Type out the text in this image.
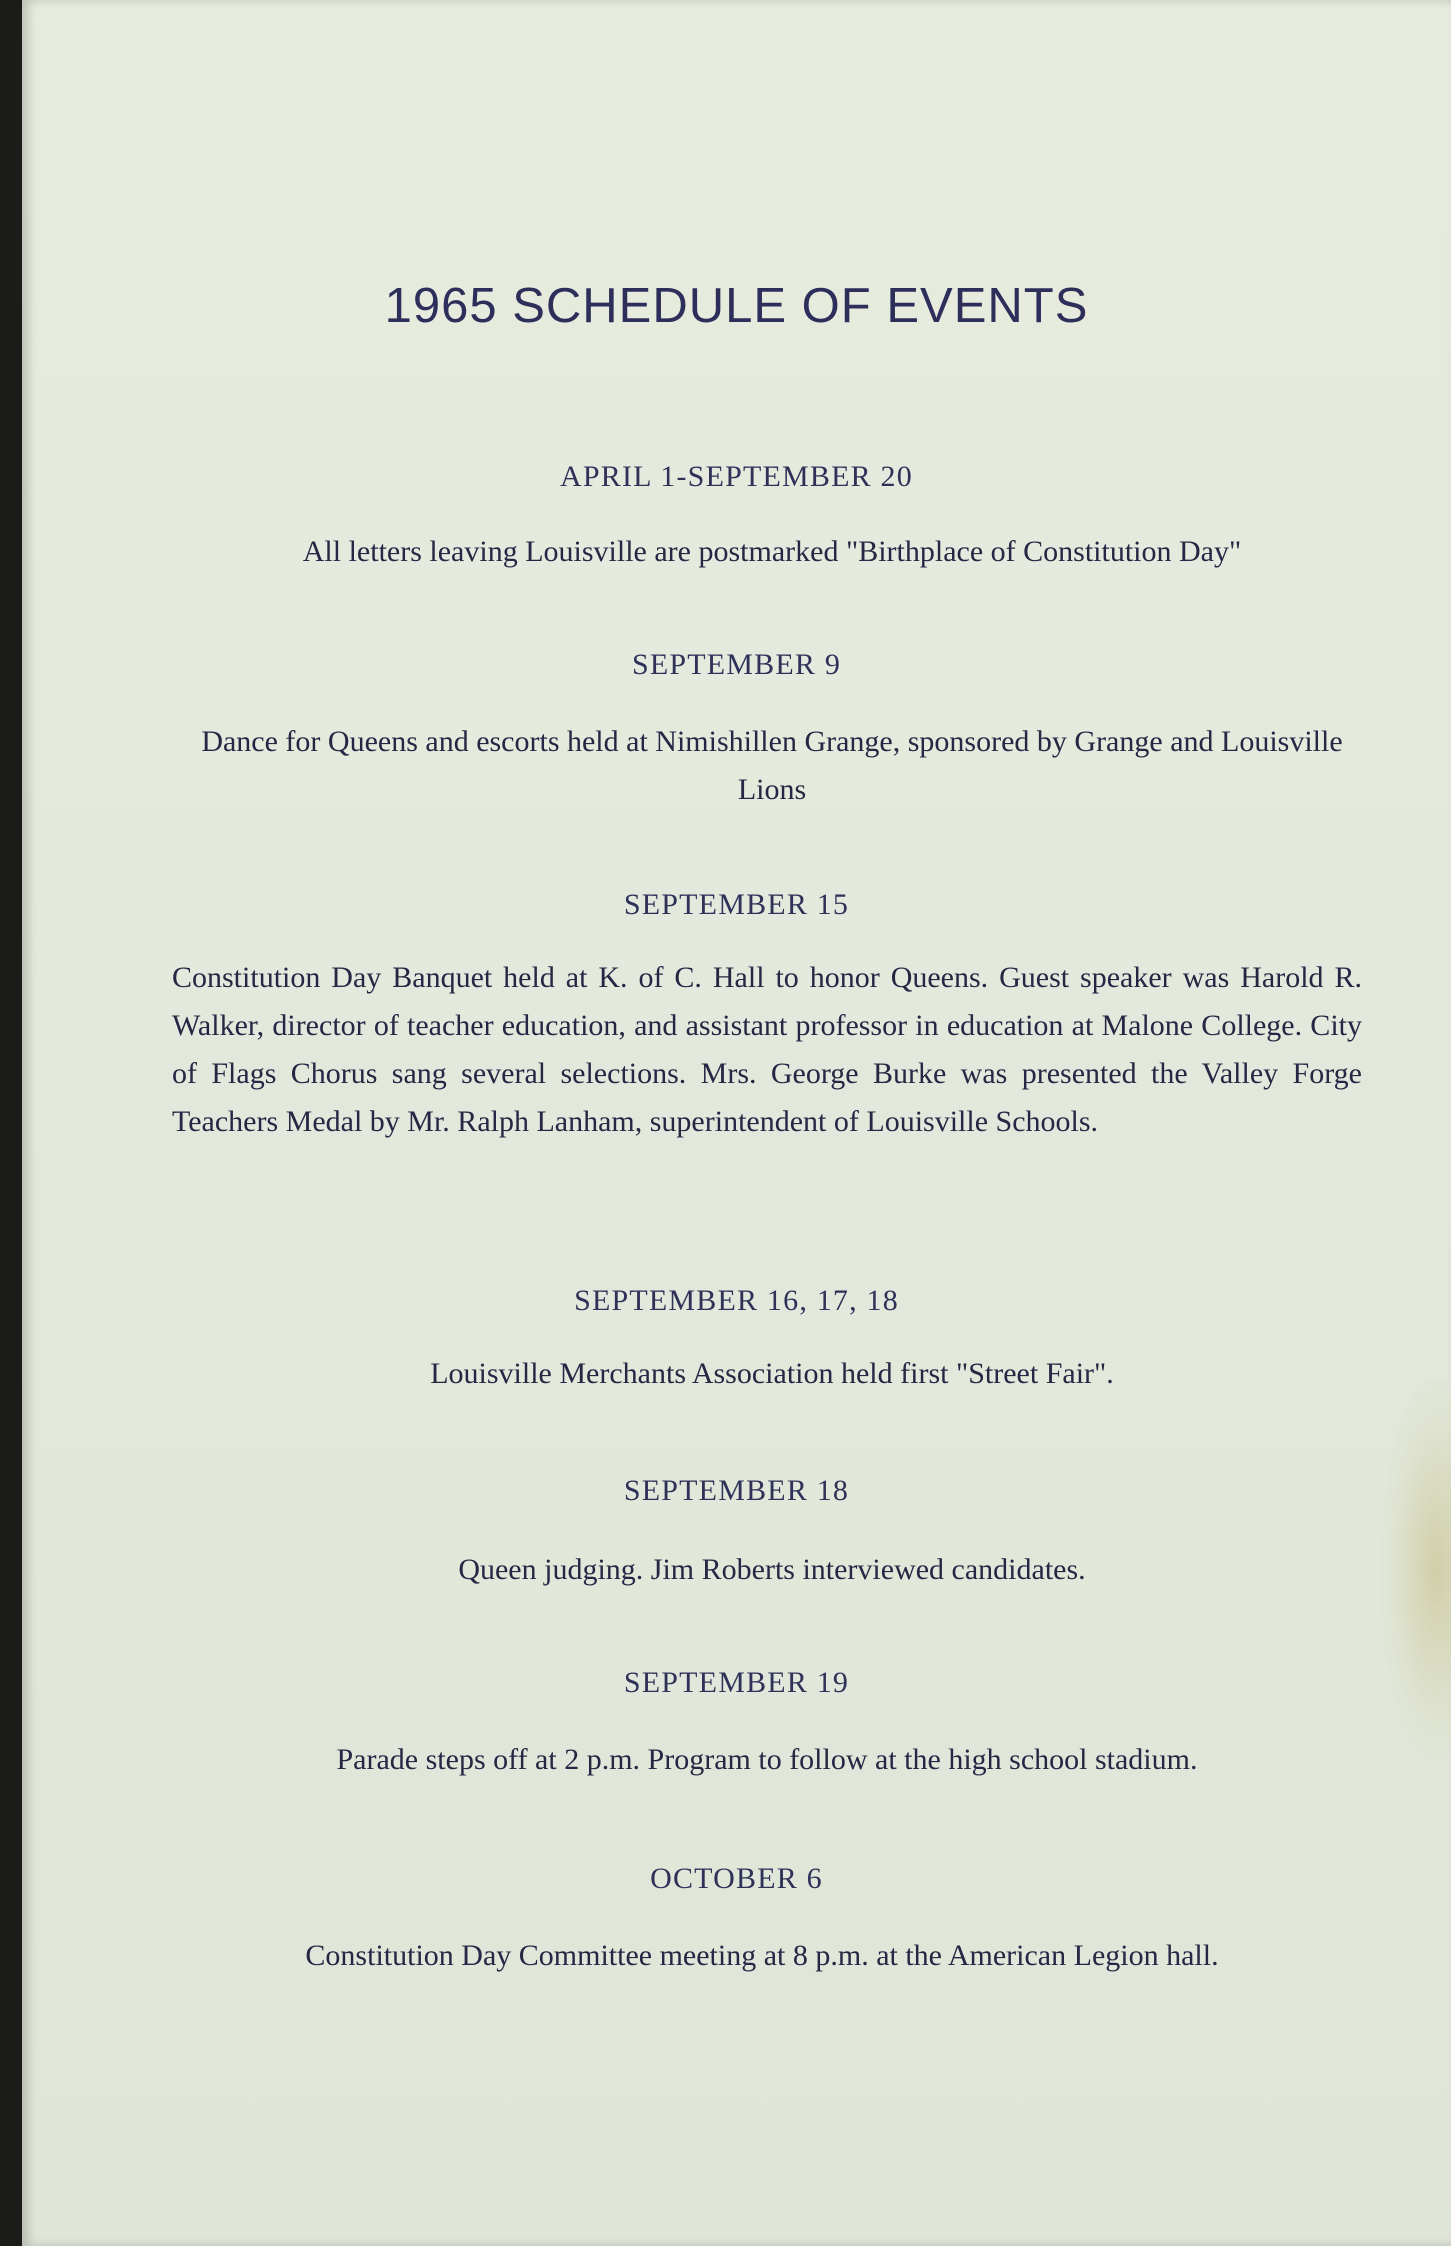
1965 SCHEDULE OF EVENTS
APRIL 1-SEPTEMBER 20

All letters leaving Louisville are postmarked "Birthplace of Constitution Day"

SEPTEMBER 9

Dance for Queens and escorts held at Nimishillen Grange, sponsored by Grange and Louisville Lions

SEPTEMBER 15

Constitution Day Banquet held at K. of C. Hall to honor Queens. Guest speaker was Harold R. Walker, director of teacher education, and assistant professor in education at Malone College. City of Flags Chorus sang several selections. Mrs. George Burke was presented the Valley Forge Teachers Medal by Mr. Ralph Lanham, superintendent of Louisville Schools.

SEPTEMBER 16, 17, 18

Louisville Merchants Association held first "Street Fair".

SEPTEMBER 18

Queen judging. Jim Roberts interviewed candidates.

SEPTEMBER 19

Parade steps off at 2 p.m. Program to follow at the high school stadium.

OCTOBER 6

Constitution Day Committee meeting at 8 p.m. at the American Legion hall.
